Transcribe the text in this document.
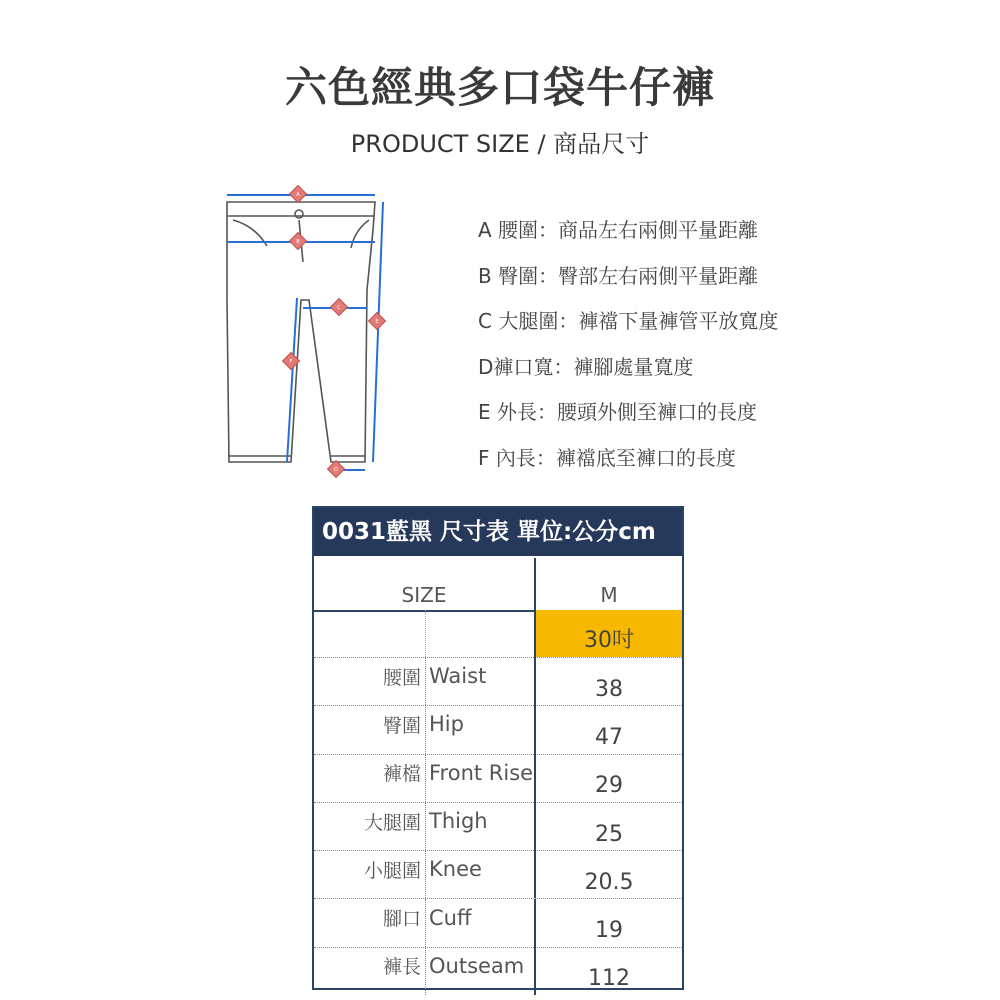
六色經典多口袋牛仔褲
PRODUCT SIZE / 商品尺寸
A
B
C
D
E
F
A 腰圍：商品左右兩側平量距離
B 臀圍：臀部左右兩側平量距離
C 大腿圍：褲襠下量褲管平放寬度
D褲口寬：褲腳處量寬度
E 外長：腰頭外側至褲口的長度
F 內長：褲襠底至褲口的長度
0031藍黑 尺寸表 單位:公分cm
SIZE	M
30吋
腰圍 Waist
38
臀圍 Hip
47
褲檔 Front Rise
29
大腿圍 Thigh
25
小腿圍 Knee
20.5
腳口 Cuff
19
褲長 Outseam
112
